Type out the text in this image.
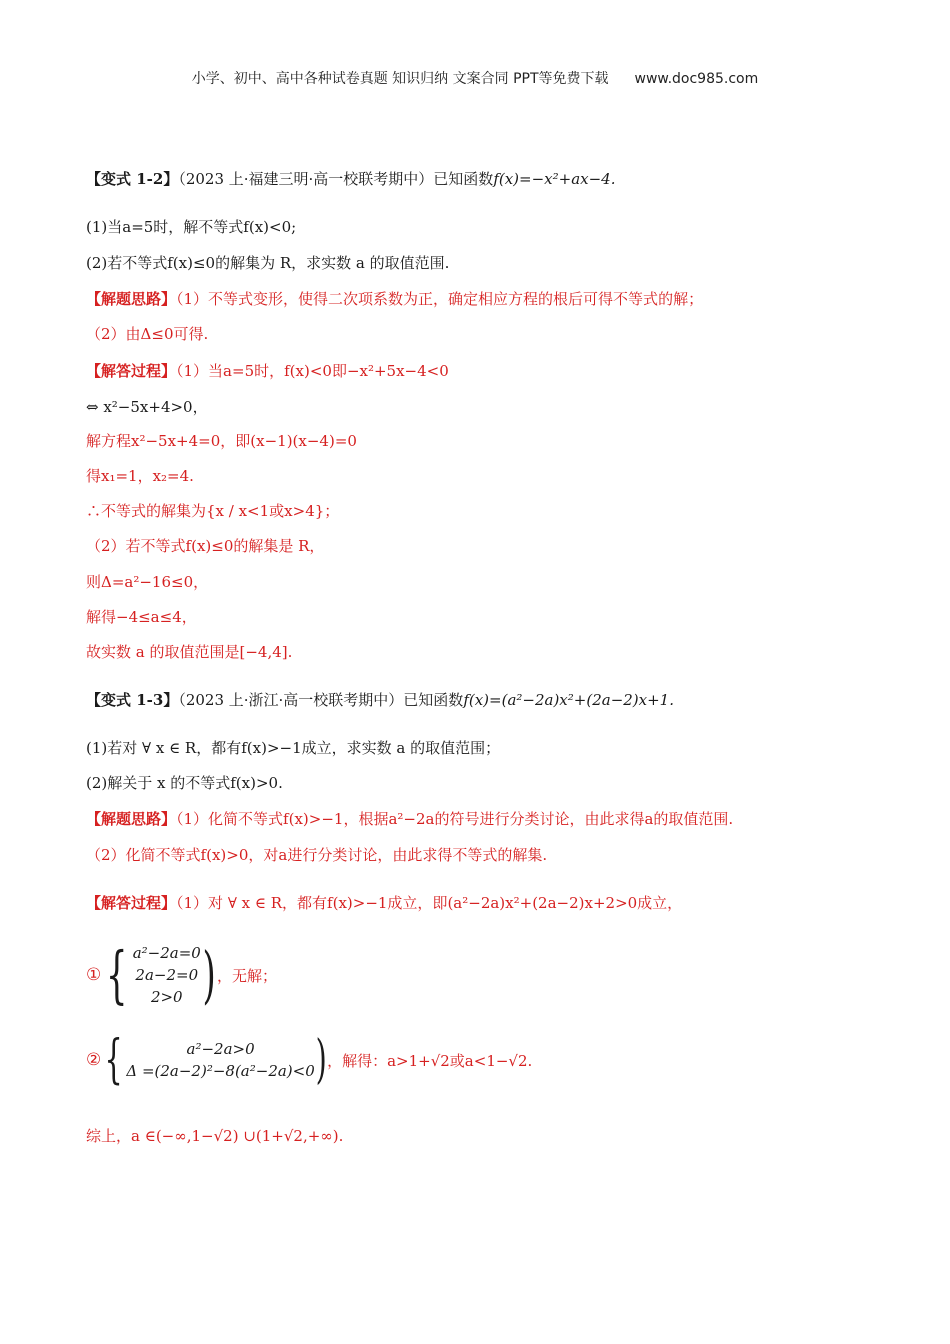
小学、初中、高中各种试卷真题 知识归纳 文案合同 PPT等免费下载 www.doc985.com
【变式 1-2】（2023 上·福建三明·高一校联考期中）已知函数f(x)=−x²+ax−4.
(1)当a=5时，解不等式f(x)<0;
(2)若不等式f(x)≤0的解集为 R，求实数 a 的取值范围.
【解题思路】（1）不等式变形，使得二次项系数为正，确定相应方程的根后可得不等式的解；
（2）由Δ≤0可得.
【解答过程】（1）当a=5时，f(x)<0即−x²+5x−4<0
⇔ x²−5x+4>0，
解方程x²−5x+4=0，即(x−1)(x−4)=0
得x₁=1，x₂=4.
∴不等式的解集为{x / x<1或x>4}；
（2）若不等式f(x)≤0的解集是 R，
则Δ=a²−16≤0，
解得−4≤a≤4，
故实数 a 的取值范围是[−4,4].
【变式 1-3】（2023 上·浙江·高一校联考期中）已知函数f(x)=(a²−2a)x²+(2a−2)x+1.
(1)若对 ∀ x ∈ R，都有f(x)>−1成立，求实数 a 的取值范围；
(2)解关于 x 的不等式f(x)>0.
【解题思路】（1）化简不等式f(x)>−1，根据a²−2a的符号进行分类讨论，由此求得a的取值范围.
（2）化简不等式f(x)>0，对a进行分类讨论，由此求得不等式的解集.
【解答过程】（1）对 ∀ x ∈ R，都有f(x)>−1成立，即(a²−2a)x²+(2a−2)x+2>0成立，
①{ a²−2a=0
2a−2=0
2>0 )，无解；
②{	a²−2a>0
Δ =(2a−2)²−8(a²−2a)<0 )，解得：a>1+√2或a<1−√2.
综上，a ∈(−∞,1−√2) ∪(1+√2,+∞).
